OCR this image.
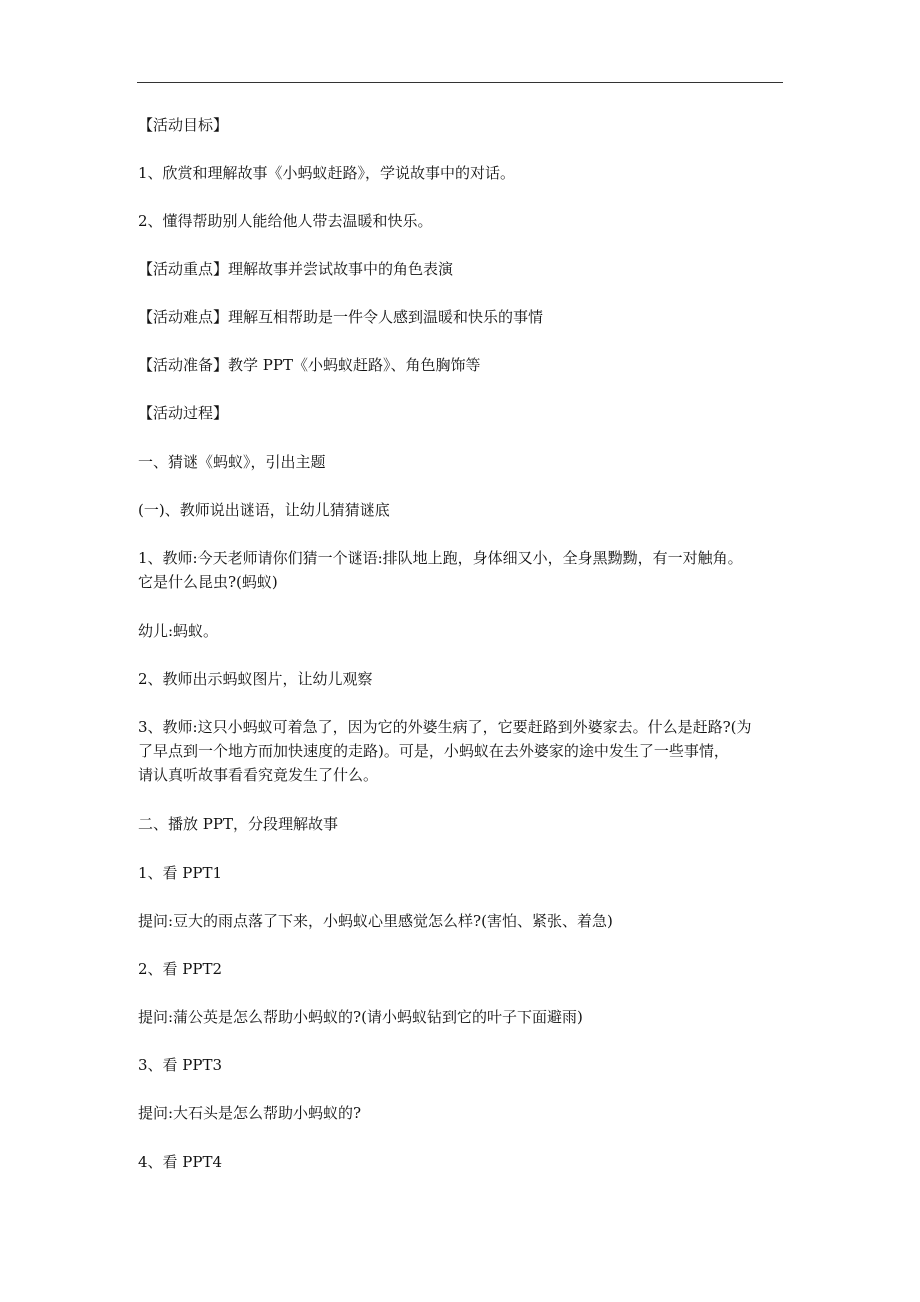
【活动目标】

1、欣赏和理解故事《小蚂蚁赶路》，学说故事中的对话。

2、懂得帮助别人能给他人带去温暖和快乐。

【活动重点】理解故事并尝试故事中的角色表演

【活动难点】理解互相帮助是一件令人感到温暖和快乐的事情

【活动准备】教学 PPT《小蚂蚁赶路》、角色胸饰等

【活动过程】

一、猜谜《蚂蚁》，引出主题

(一)、教师说出谜语，让幼儿猜猜谜底

1、教师:今天老师请你们猜一个谜语:排队地上跑，身体细又小，全身黑黝黝，有一对触角。
它是什么昆虫?(蚂蚁)

幼儿:蚂蚁。

2、教师出示蚂蚁图片，让幼儿观察

3、教师:这只小蚂蚁可着急了，因为它的外婆生病了，它要赶路到外婆家去。什么是赶路?(为
了早点到一个地方而加快速度的走路)。可是，小蚂蚁在去外婆家的途中发生了一些事情，
请认真听故事看看究竟发生了什么。

二、播放 PPT，分段理解故事

1、看 PPT1

提问:豆大的雨点落了下来，小蚂蚁心里感觉怎么样?(害怕、紧张、着急)

2、看 PPT2

提问:蒲公英是怎么帮助小蚂蚁的?(请小蚂蚁钻到它的叶子下面避雨)

3、看 PPT3

提问:大石头是怎么帮助小蚂蚁的?

4、看 PPT4
